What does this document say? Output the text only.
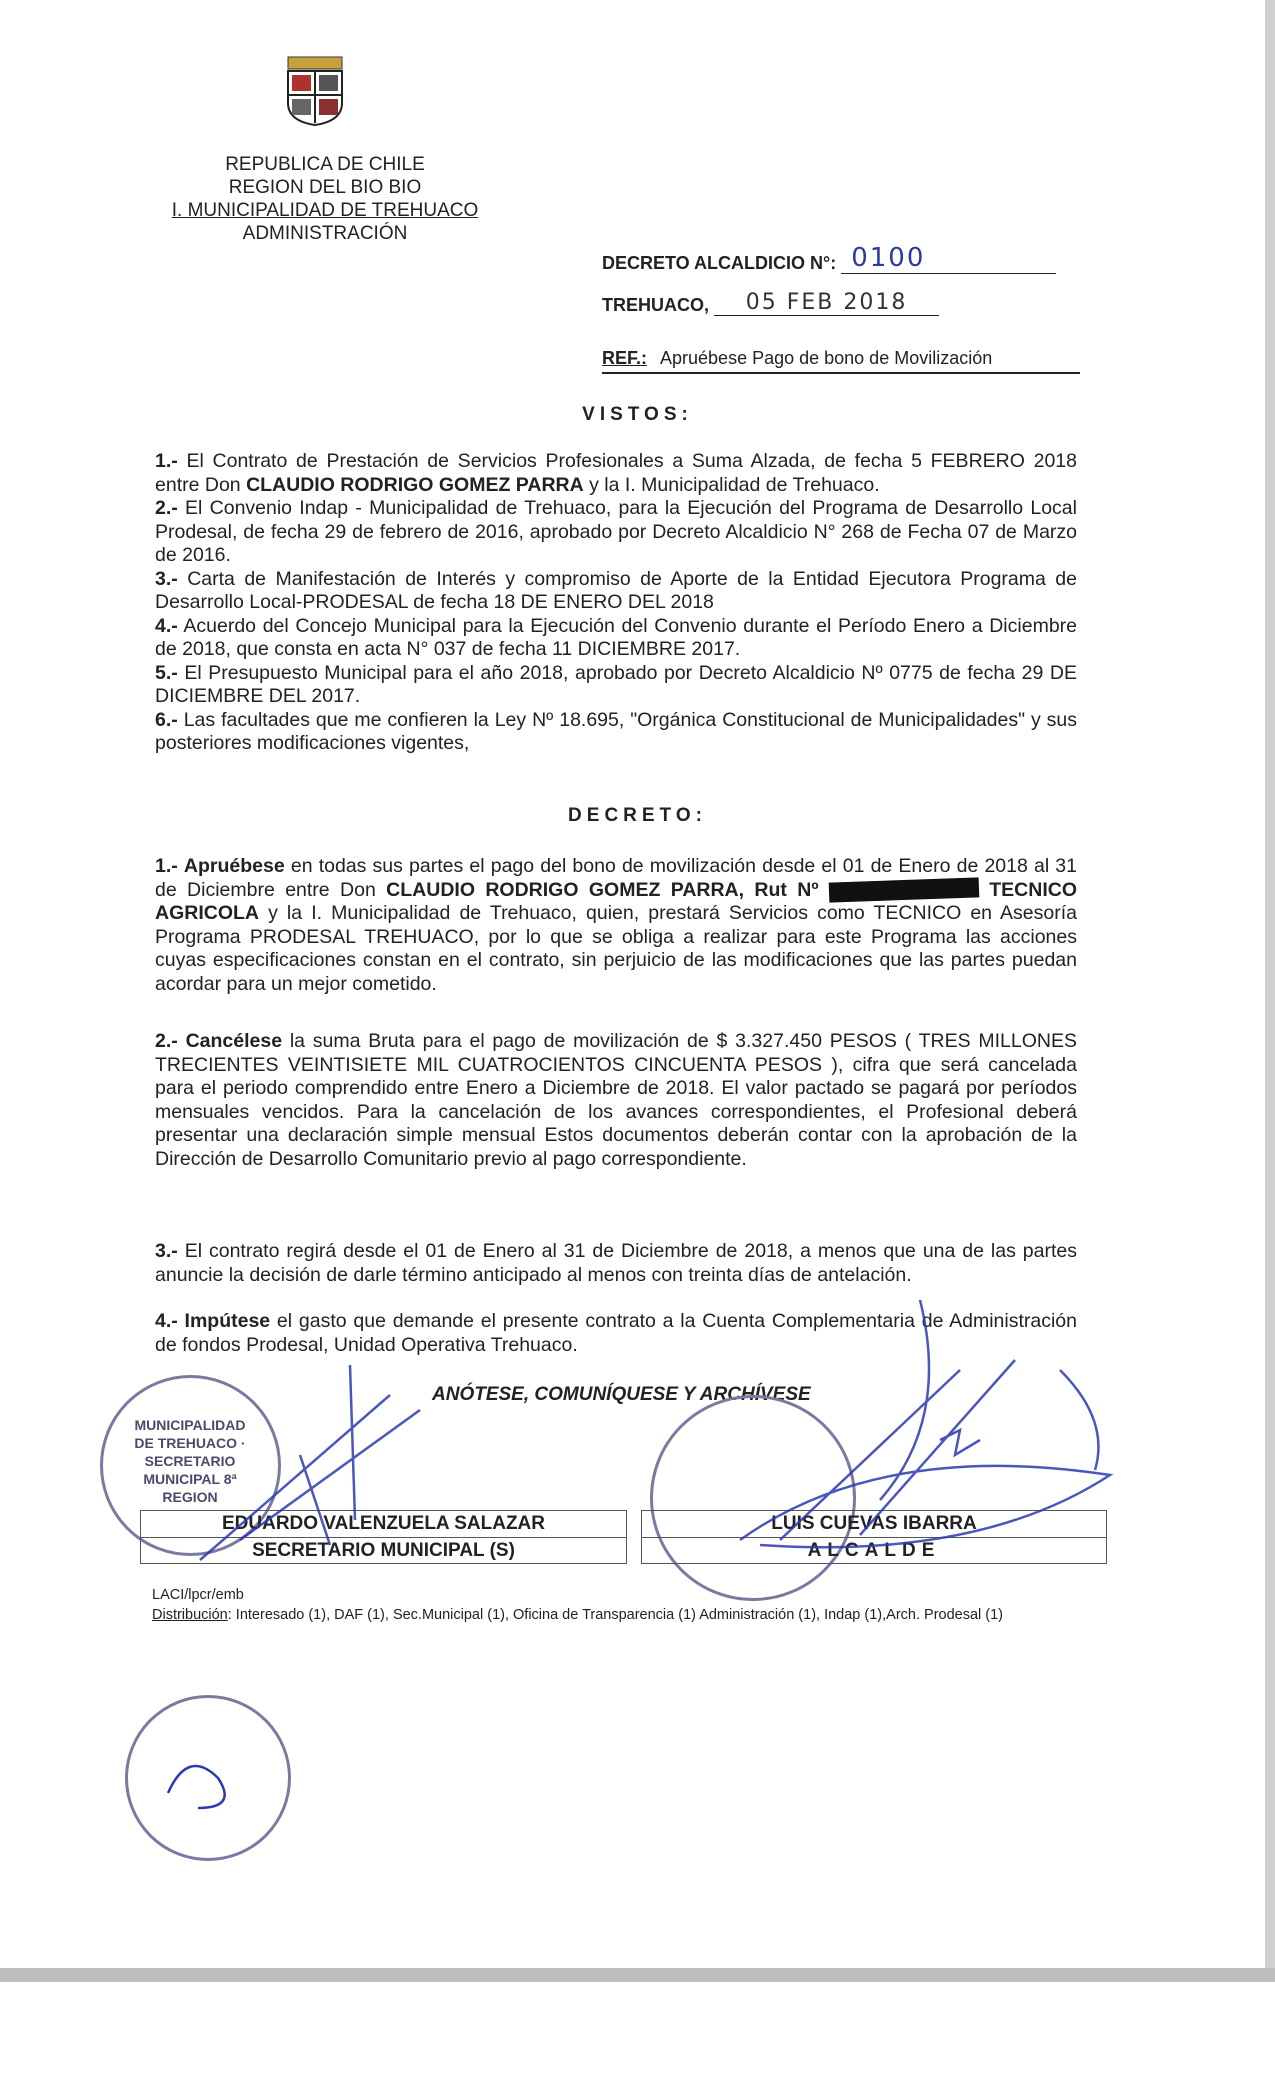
REPUBLICA DE CHILE
REGION DEL BIO BIO
I. MUNICIPALIDAD DE TREHUACO
ADMINISTRACIÓN
DECRETO ALCALDICIO N°: 0100
TREHUACO, 05 FEB 2018
REF.: Apruébese Pago de bono de Movilización
VISTOS:

1.- El Contrato de Prestación de Servicios Profesionales a Suma Alzada, de fecha 5 FEBRERO 2018 entre Don CLAUDIO RODRIGO GOMEZ PARRA y la I. Municipalidad de Trehuaco.

2.- El Convenio Indap - Municipalidad de Trehuaco, para la Ejecución del Programa de Desarrollo Local Prodesal, de fecha 29 de febrero de 2016, aprobado por Decreto Alcaldicio N° 268 de Fecha 07 de Marzo de 2016.

3.- Carta de Manifestación de Interés y compromiso de Aporte de la Entidad Ejecutora Programa de Desarrollo Local-PRODESAL de fecha 18 DE ENERO DEL 2018

4.- Acuerdo del Concejo Municipal para la Ejecución del Convenio durante el Período Enero a Diciembre de 2018, que consta en acta N° 037 de fecha 11 DICIEMBRE 2017.

5.- El Presupuesto Municipal para el año 2018, aprobado por Decreto Alcaldicio Nº 0775 de fecha 29 DE DICIEMBRE DEL 2017.

6.- Las facultades que me confieren la Ley Nº 18.695, "Orgánica Constitucional de Municipalidades" y sus posteriores modificaciones vigentes,

DECRETO:

1.- Apruébese en todas sus partes el pago del bono de movilización desde el 01 de Enero de 2018 al 31 de Diciembre entre Don CLAUDIO RODRIGO GOMEZ PARRA, Rut Nº	TECNICO AGRICOLA y la I. Municipalidad de Trehuaco, quien, prestará Servicios como TECNICO en Asesoría Programa PRODESAL TREHUACO, por lo que se obliga a realizar para este Programa las acciones cuyas especificaciones constan en el contrato, sin perjuicio de las modificaciones que las partes puedan acordar para un mejor cometido.

2.- Cancélese la suma Bruta para el pago de movilización de $ 3.327.450 PESOS ( TRES MILLONES TRECIENTES VEINTISIETE MIL CUATROCIENTOS CINCUENTA PESOS ), cifra que será cancelada para el periodo comprendido entre Enero a Diciembre de 2018. El valor pactado se pagará por períodos mensuales vencidos. Para la cancelación de los avances correspondientes, el Profesional deberá presentar una declaración simple mensual Estos documentos deberán contar con la aprobación de la Dirección de Desarrollo Comunitario previo al pago correspondiente.

3.- El contrato regirá desde el 01 de Enero al 31 de Diciembre de 2018, a menos que una de las partes anuncie la decisión de darle término anticipado al menos con treinta días de antelación.

4.- Impútese el gasto que demande el presente contrato a la Cuenta Complementaria de Administración de fondos Prodesal, Unidad Operativa Trehuaco.

ANÓTESE, COMUNÍQUESE Y ARCHÍVESE
MUNICIPALIDAD DE TREHUACO · SECRETARIO MUNICIPAL 8ª REGION
EDUARDO VALENZUELA SALAZAR
SECRETARIO MUNICIPAL (S)
LUIS CUEVAS IBARRA
ALCALDE
LACI/lpcr/emb
Distribución: Interesado (1), DAF (1), Sec.Municipal (1), Oficina de Transparencia (1) Administración (1), Indap (1),Arch. Prodesal (1)
